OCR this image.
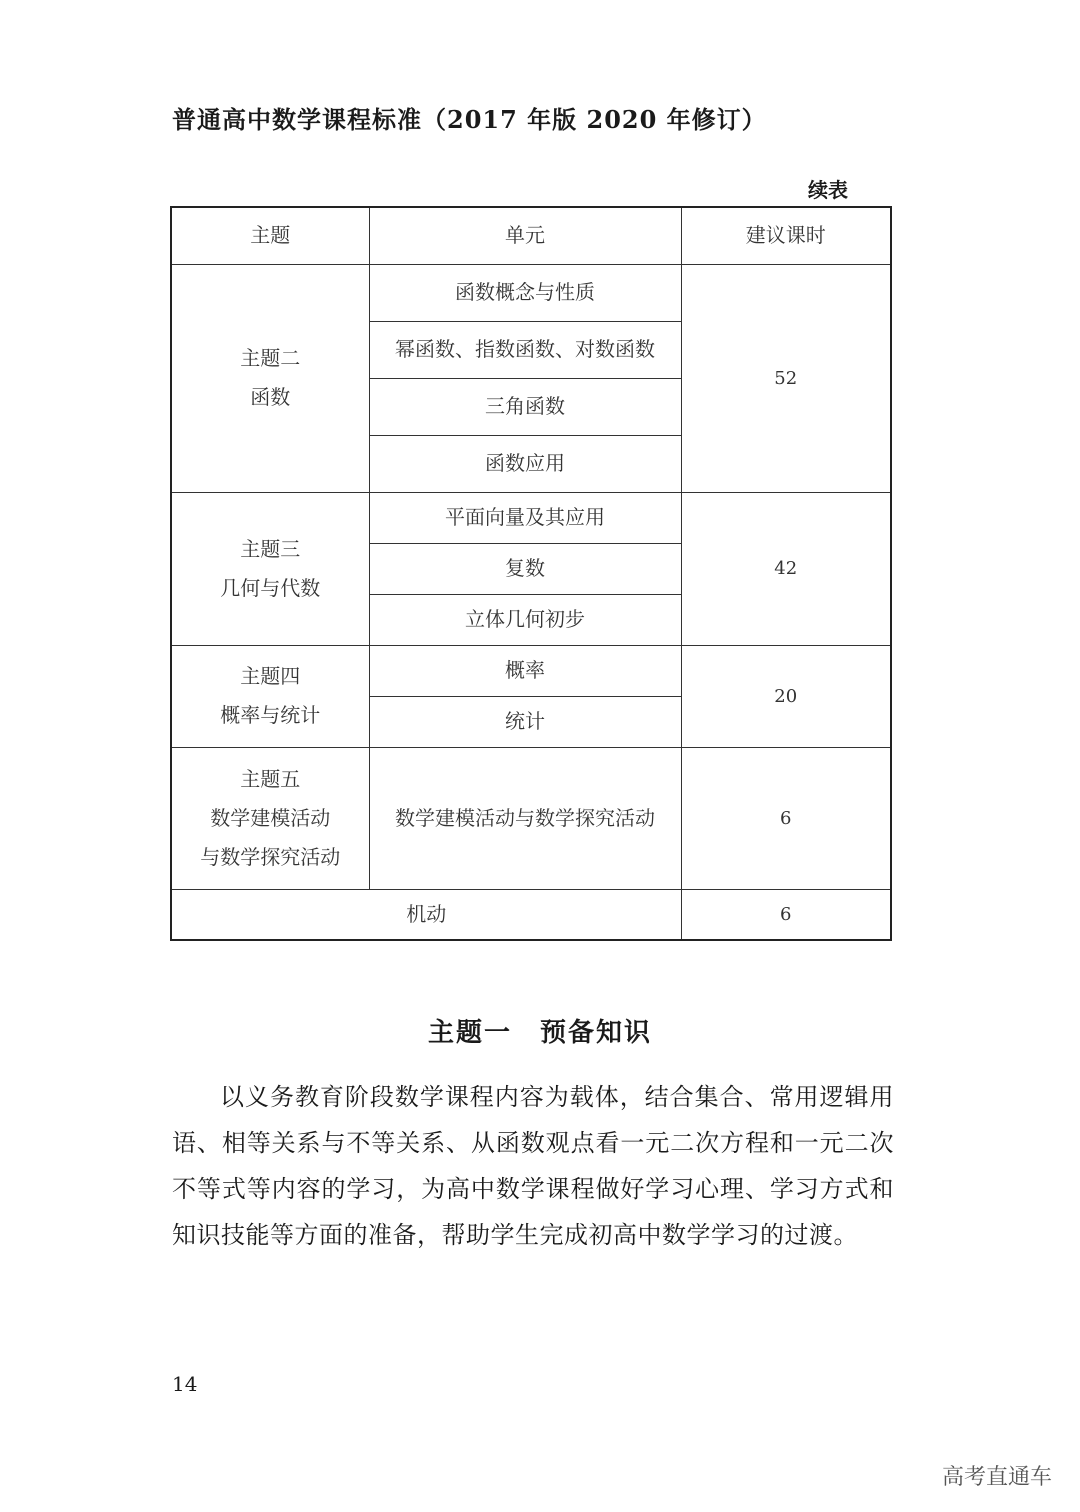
普通高中数学课程标准（2017 年版 2020 年修订）
续表
主题	单元	建议课时

主题二
函数	函数概念与性质	52
	幂函数、指数函数、对数函数	
	三角函数	
	函数应用	

主题三
几何与代数	平面向量及其应用	42
	复数	
	立体几何初步	

主题四
概率与统计	概率	20
	统计	

主题五
数学建模活动
与数学探究活动	数学建模活动与数学探究活动	6
机动		6
主题一　预备知识

以义务教育阶段数学课程内容为载体，结合集合、常用逻辑用语、相等关系与不等关系、从函数观点看一元二次方程和一元二次不等式等内容的学习，为高中数学课程做好学习心理、学习方式和知识技能等方面的准备，帮助学生完成初高中数学学习的过渡。

14
高考直通车
